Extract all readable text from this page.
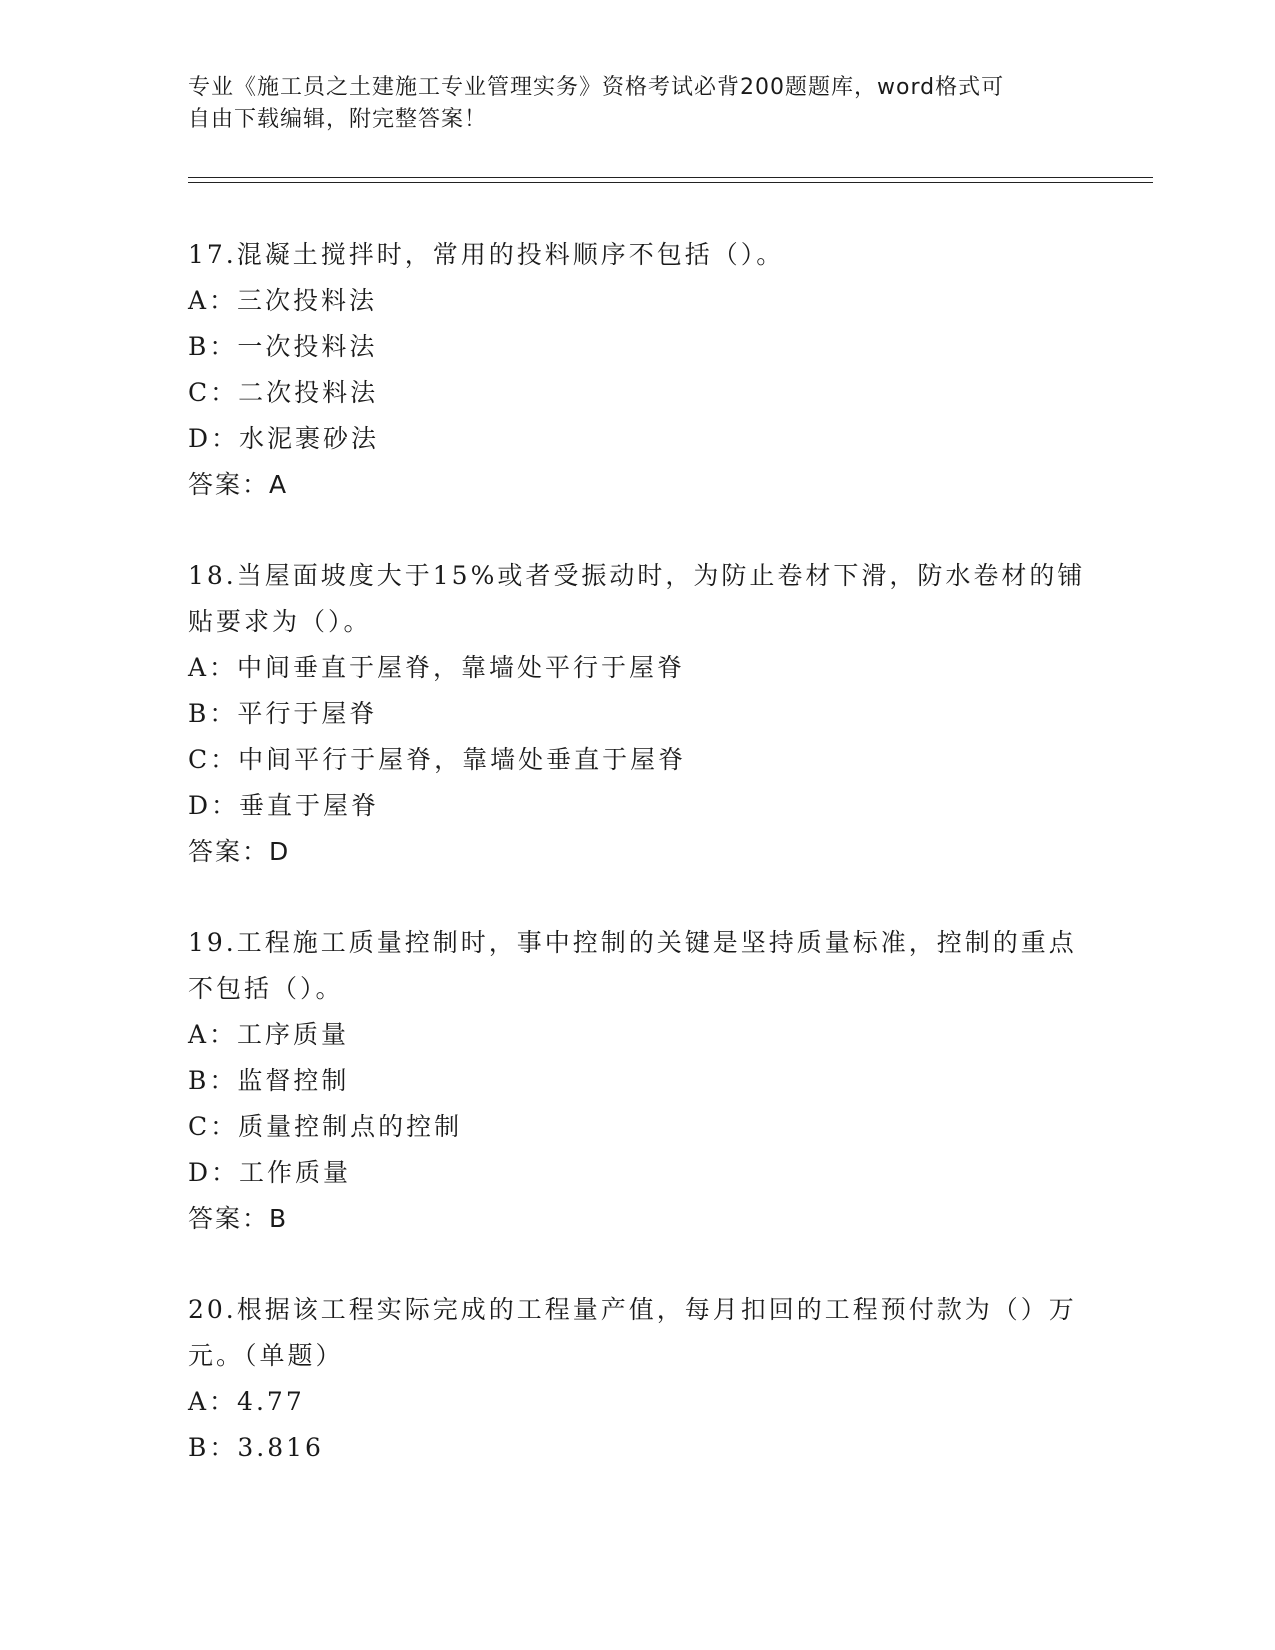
专业《施工员之土建施工专业管理实务》资格考试必背200题题库，word格式可
自由下载编辑，附完整答案！
17.混凝土搅拌时，常用的投料顺序不包括（）。
A：三次投料法
B：一次投料法
C：二次投料法
D：水泥裹砂法
答案：A
18.当屋面坡度大于15%或者受振动时，为防止卷材下滑，防水卷材的铺贴要求为（）。
A：中间垂直于屋脊，靠墙处平行于屋脊
B：平行于屋脊
C：中间平行于屋脊，靠墙处垂直于屋脊
D：垂直于屋脊
答案：D
19.工程施工质量控制时，事中控制的关键是坚持质量标准，控制的重点不包括（）。
A：工序质量
B：监督控制
C：质量控制点的控制
D：工作质量
答案：B
20.根据该工程实际完成的工程量产值，每月扣回的工程预付款为（）万元。（单题）
A：4.77
B：3.816
